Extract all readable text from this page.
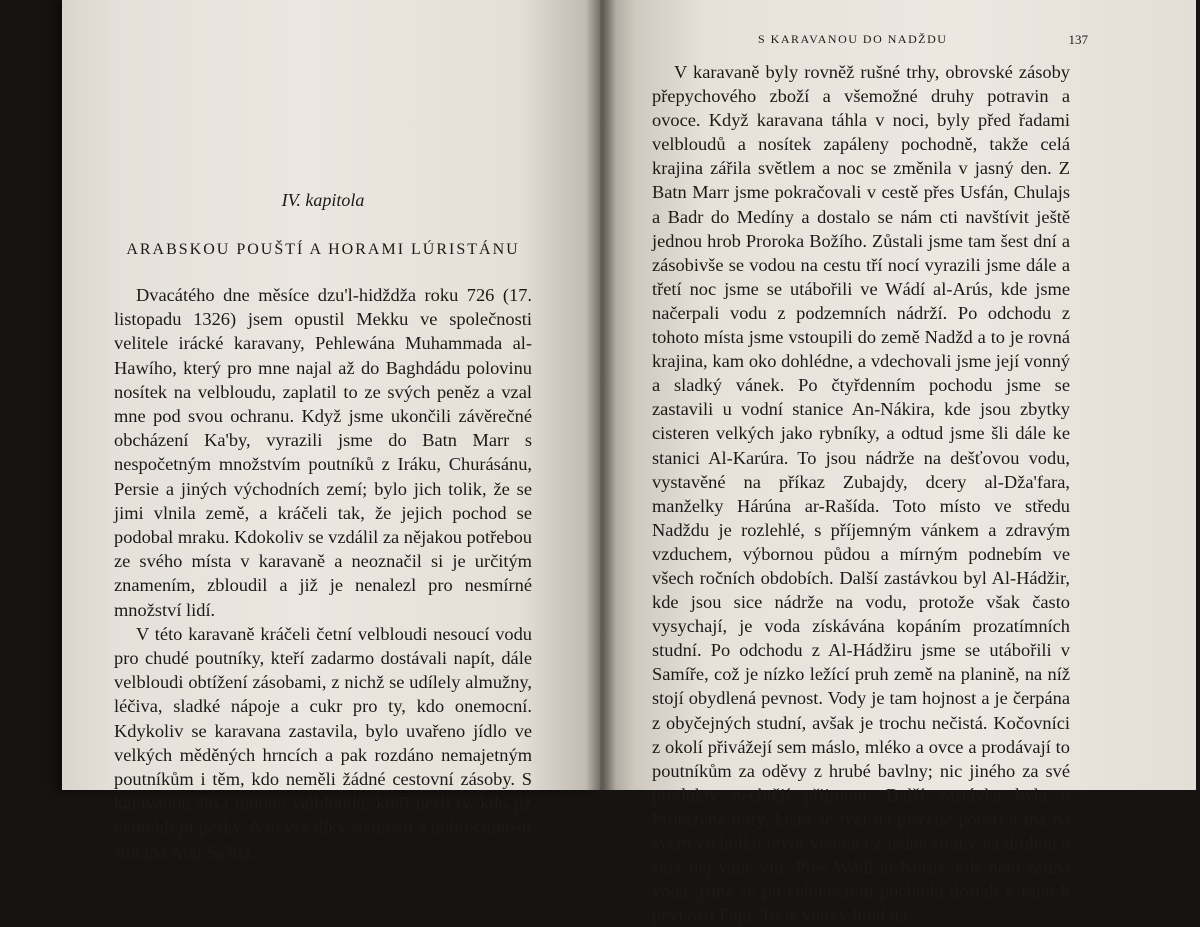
IV. kapitola
ARABSKOU POUŠTÍ A HORAMI LÚRISTÁNU

Dvacátého dne měsíce dzu'l-hidždža roku 726 (17. listopadu 1326) jsem opustil Mekku ve společnosti velitele irácké karavany, Pehlewána Muhammada al-Hawího, který pro mne najal až do Baghdádu polovinu nosítek na velbloudu, zaplatil to ze svých peněz a vzal mne pod svou ochranu. Když jsme ukončili závěrečné obcházení Ka'by, vyrazili jsme do Batn Marr s nespočetným množstvím poutníků z Iráku, Churásánu, Persie a jiných východních zemí; bylo jich tolik, že se jimi vlnila země, a kráčeli tak, že jejich pochod se podobal mraku. Kdokoliv se vzdálil za nějakou potřebou ze svého místa v karavaně a neoznačil si je určitým znamením, zbloudil a již je nenalezl pro nesmírné množství lidí.

V této karavaně kráčeli četní velbloudi nesoucí vodu pro chudé poutníky, kteří zadarmo dostávali napít, dále velbloudi obtížení zásobami, z nichž se udílely almužny, léčiva, sladké nápoje a cukr pro ty, kdo onemocní. Kdykoliv se karavana zastavila, bylo uvařeno jídlo ve velkých měděných hrncích a pak rozdáno nemajetným poutníkům i těm, kdo neměli žádné cestovní zásoby. S karavanou šlo i mnoho velbloudů, kteří nesli ty, kdo již nemohli jít pěšky. A to vše díky štědrosti a dobročinnosti sultána Abú Sa'ída.

S KARAVANOU DO NADŽDU	137

V karavaně byly rovněž rušné trhy, obrovské zásoby přepychového zboží a všemožné druhy potravin a ovoce. Když karavana táhla v noci, byly před řadami velbloudů a nosítek zapáleny pochodně, takže celá krajina zářila světlem a noc se změnila v jasný den. Z Batn Marr jsme pokračovali v cestě přes Usfán, Chulajs a Badr do Medíny a dostalo se nám cti navštívit ještě jednou hrob Proroka Božího. Zůstali jsme tam šest dní a zásobivše se vodou na cestu tří nocí vyrazili jsme dále a třetí noc jsme se utábořili ve Wádí al-Arús, kde jsme načerpali vodu z podzemních nádrží. Po odchodu z tohoto místa jsme vstoupili do země Nadžd a to je rovná krajina, kam oko dohlédne, a vdechovali jsme její vonný a sladký vánek. Po čtyřdenním pochodu jsme se zastavili u vodní stanice An-Nákira, kde jsou zbytky cisteren velkých jako rybníky, a odtud jsme šli dále ke stanici Al-Karúra. To jsou nádrže na dešťovou vodu, vystavěné na příkaz Zubajdy, dcery al-Dža'fara, manželky Hárúna ar-Rašída. Toto místo ve středu Nadždu je rozlehlé, s příjemným vánkem a zdravým vzduchem, výbornou půdou a mírným podnebím ve všech ročních obdobích. Další zastávkou byl Al-Hádžir, kde jsou sice nádrže na vodu, protože však často vysychají, je voda získávána kopáním prozatímních studní. Po odchodu z Al-Hádžiru jsme se utábořili v Samíře, což je nízko ležící pruh země na planině, na níž stojí obydlená pevnost. Vody je tam hojnost a je čerpána z obyčejných studní, avšak je trochu nečistá. Kočovníci z okolí přivážejí sem máslo, mléko a ovce a prodávají to poutníkům za oděvy z hrubé bavlny; nic jiného za své produkty nechtějí přijmout. Další zastávka byla u Proražené hory, která se tyčí na písečné poušti a má na svém vrcholku otvor vedoucí z jedné strany na druhou a skrz něj vane vítr. Přes Wádí al-Kurúš, kde není žádná voda, jsme se po celonočním pochodu dostali k ránu k pevnosti Fajd. To je veliký hrad na
